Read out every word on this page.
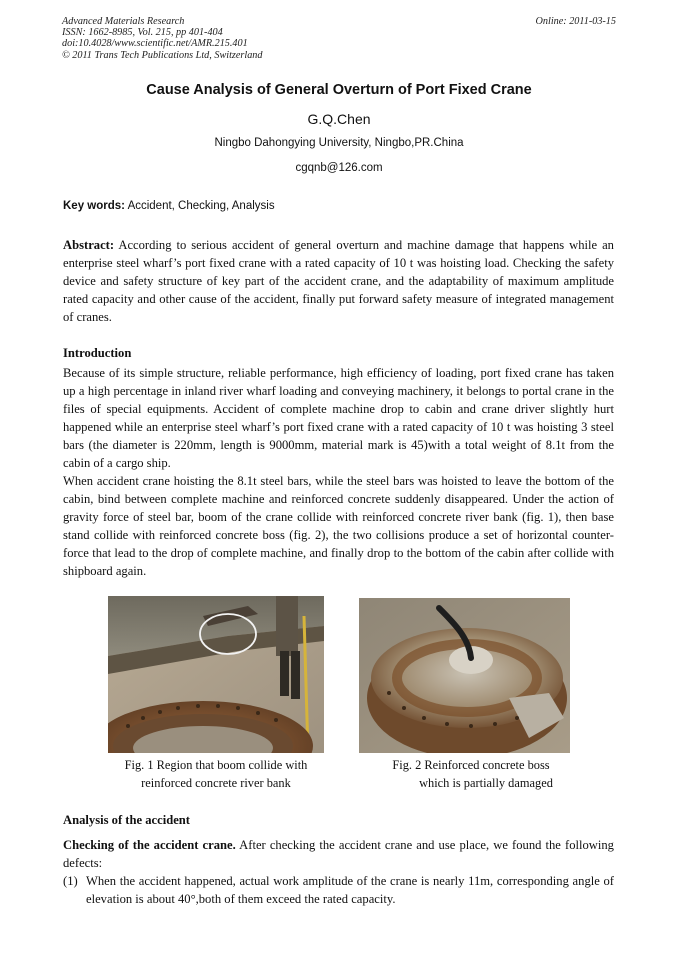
Advanced Materials Research
ISSN: 1662-8985, Vol. 215, pp 401-404
doi:10.4028/www.scientific.net/AMR.215.401
© 2011 Trans Tech Publications Ltd, Switzerland
Online: 2011-03-15
Cause Analysis of General Overturn of Port Fixed Crane
G.Q.Chen
Ningbo Dahongying University, Ningbo,PR.China
cgqnb@126.com
Key words: Accident, Checking, Analysis
Abstract: According to serious accident of general overturn and machine damage that happens while an enterprise steel wharf’s port fixed crane with a rated capacity of 10 t was hoisting load. Checking the safety device and safety structure of key part of the accident crane, and the adaptability of maximum amplitude rated capacity and other cause of the accident, finally put forward safety measure of integrated management of cranes.
Introduction
Because of its simple structure, reliable performance, high efficiency of loading, port fixed crane has taken up a high percentage in inland river wharf loading and conveying machinery, it belongs to portal crane in the files of special equipments. Accident of complete machine drop to cabin and crane driver slightly hurt happened while an enterprise steel wharf’s port fixed crane with a rated capacity of 10 t was hoisting 3 steel bars (the diameter is 220mm, length is 9000mm, material mark is 45)with a total weight of 8.1t from the cabin of a cargo ship.
When accident crane hoisting the 8.1t steel bars, while the steel bars was hoisted to leave the bottom of the cabin, bind between complete machine and reinforced concrete suddenly disappeared. Under the action of gravity force of steel bar, boom of the crane collide with reinforced concrete river bank (fig. 1), then base stand collide with reinforced concrete boss (fig. 2), the two collisions produce a set of horizontal counter-force that lead to the drop of complete machine, and finally drop to the bottom of the cabin after collide with shipboard again.
Fig. 1 Region that boom collide with
reinforced concrete river bank
Fig. 2 Reinforced concrete boss
which is partially damaged
Analysis of the accident
Checking of the accident crane. After checking the accident crane and use place, we found the following defects:
(1) When the accident happened, actual work amplitude of the crane is nearly 11m, corresponding angle of elevation is about 40°,both of them exceed the rated capacity.
